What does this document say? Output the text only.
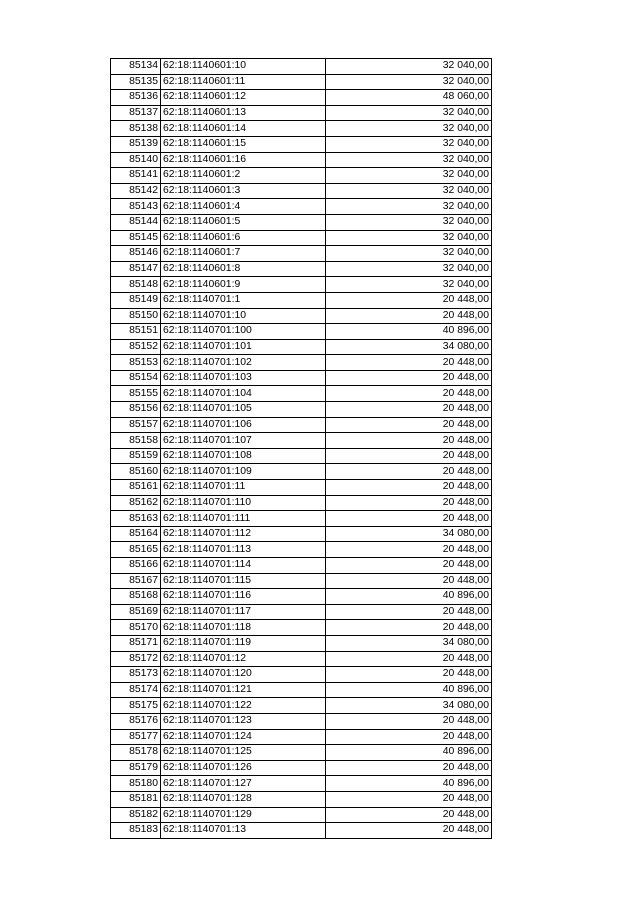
85134	62:18:1140601:10	32 040,00
85135	62:18:1140601:11	32 040,00
85136	62:18:1140601:12	48 060,00
85137	62:18:1140601:13	32 040,00
85138	62:18:1140601:14	32 040,00
85139	62:18:1140601:15	32 040,00
85140	62:18:1140601:16	32 040,00
85141	62:18:1140601:2	32 040,00
85142	62:18:1140601:3	32 040,00
85143	62:18:1140601:4	32 040,00
85144	62:18:1140601:5	32 040,00
85145	62:18:1140601:6	32 040,00
85146	62:18:1140601:7	32 040,00
85147	62:18:1140601:8	32 040,00
85148	62:18:1140601:9	32 040,00
85149	62:18:1140701:1	20 448,00
85150	62:18:1140701:10	20 448,00
85151	62:18:1140701:100	40 896,00
85152	62:18:1140701:101	34 080,00
85153	62:18:1140701:102	20 448,00
85154	62:18:1140701:103	20 448,00
85155	62:18:1140701:104	20 448,00
85156	62:18:1140701:105	20 448,00
85157	62:18:1140701:106	20 448,00
85158	62:18:1140701:107	20 448,00
85159	62:18:1140701:108	20 448,00
85160	62:18:1140701:109	20 448,00
85161	62:18:1140701:11	20 448,00
85162	62:18:1140701:110	20 448,00
85163	62:18:1140701:111	20 448,00
85164	62:18:1140701:112	34 080,00
85165	62:18:1140701:113	20 448,00
85166	62:18:1140701:114	20 448,00
85167	62:18:1140701:115	20 448,00
85168	62:18:1140701:116	40 896,00
85169	62:18:1140701:117	20 448,00
85170	62:18:1140701:118	20 448,00
85171	62:18:1140701:119	34 080,00
85172	62:18:1140701:12	20 448,00
85173	62:18:1140701:120	20 448,00
85174	62:18:1140701:121	40 896,00
85175	62:18:1140701:122	34 080,00
85176	62:18:1140701:123	20 448,00
85177	62:18:1140701:124	20 448,00
85178	62:18:1140701:125	40 896,00
85179	62:18:1140701:126	20 448,00
85180	62:18:1140701:127	40 896,00
85181	62:18:1140701:128	20 448,00
85182	62:18:1140701:129	20 448,00
85183	62:18:1140701:13	20 448,00
